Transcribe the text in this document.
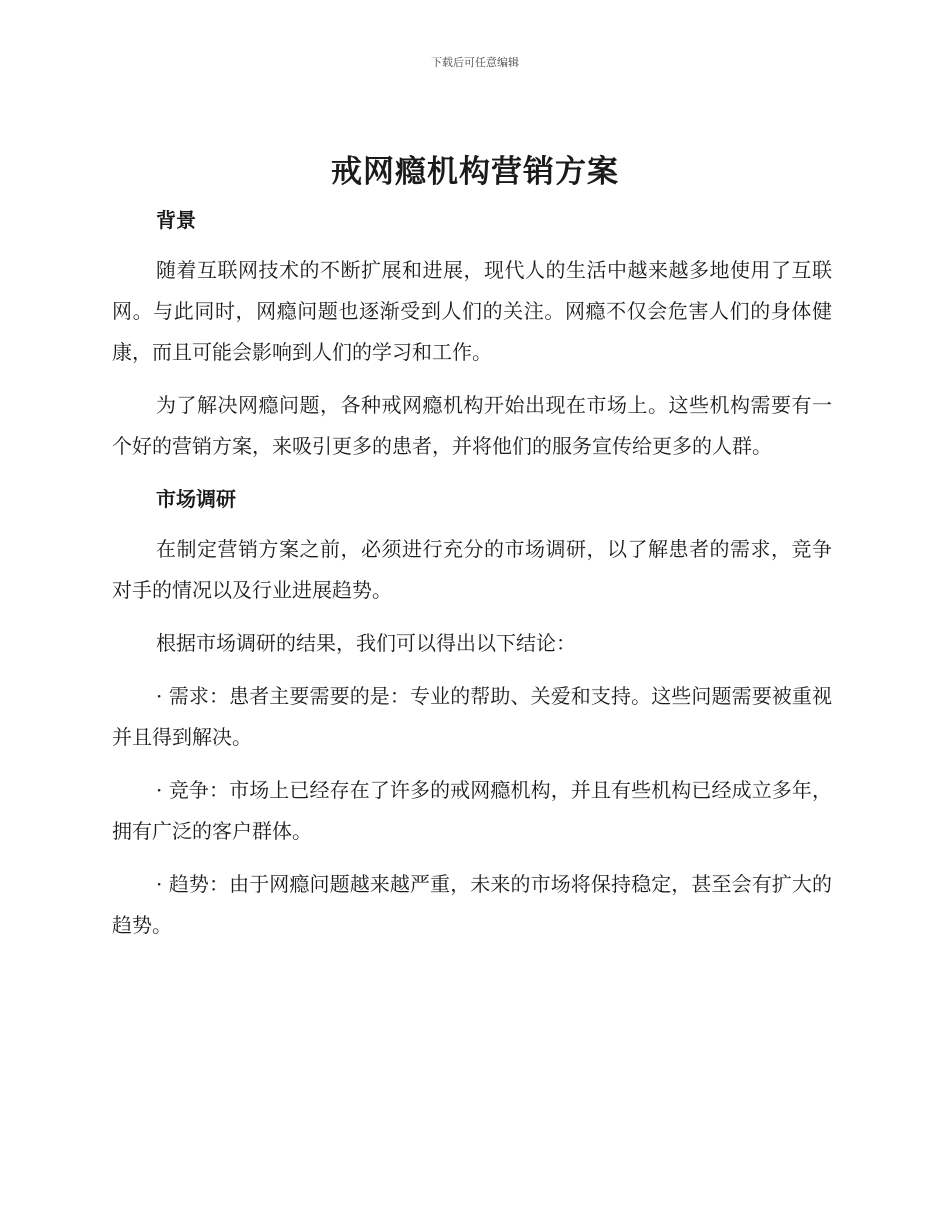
下载后可任意编辑
戒网瘾机构营销方案
背景

随着互联网技术的不断扩展和进展，现代人的生活中越来越多地使用了互联网。与此同时，网瘾问题也逐渐受到人们的关注。网瘾不仅会危害人们的身体健康，而且可能会影响到人们的学习和工作。

为了解决网瘾问题，各种戒网瘾机构开始出现在市场上。这些机构需要有一个好的营销方案，来吸引更多的患者，并将他们的服务宣传给更多的人群。

市场调研

在制定营销方案之前，必须进行充分的市场调研，以了解患者的需求，竞争对手的情况以及行业进展趋势。

根据市场调研的结果，我们可以得出以下结论：

· 需求：患者主要需要的是：专业的帮助、关爱和支持。这些问题需要被重视并且得到解决。

· 竞争：市场上已经存在了许多的戒网瘾机构，并且有些机构已经成立多年，拥有广泛的客户群体。

· 趋势：由于网瘾问题越来越严重，未来的市场将保持稳定，甚至会有扩大的趋势。
